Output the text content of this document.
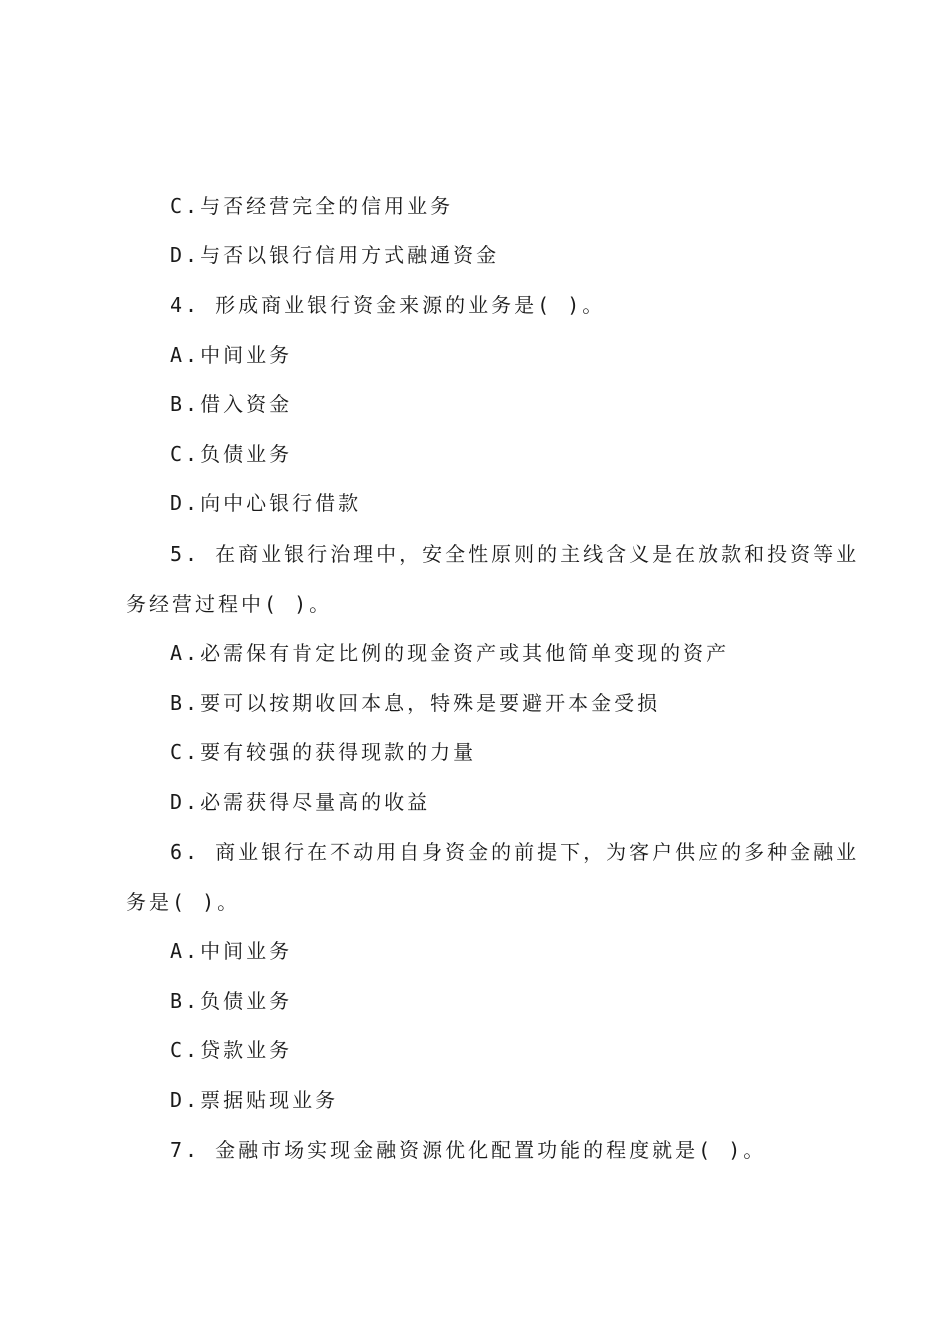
C.与否经营完全的信用业务
D.与否以银行信用方式融通资金
4. 形成商业银行资金来源的业务是( )。
A.中间业务
B.借入资金
C.负债业务
D.向中心银行借款
5. 在商业银行治理中，安全性原则的主线含义是在放款和投资等业
务经营过程中( )。
A.必需保有肯定比例的现金资产或其他简单变现的资产
B.要可以按期收回本息，特殊是要避开本金受损
C.要有较强的获得现款的力量
D.必需获得尽量高的收益
6. 商业银行在不动用自身资金的前提下，为客户供应的多种金融业
务是( )。
A.中间业务
B.负债业务
C.贷款业务
D.票据贴现业务
7. 金融市场实现金融资源优化配置功能的程度就是( )。
